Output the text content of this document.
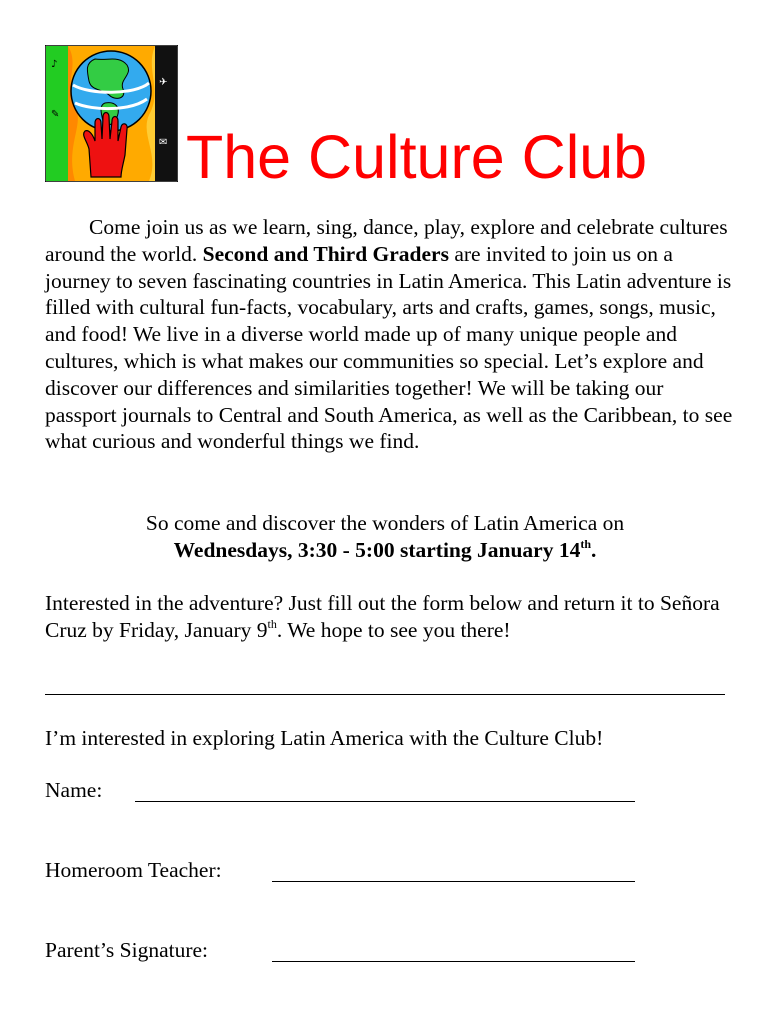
♪
✎
✈
✉ The Culture Club

Come join us as we learn, sing, dance, play, explore and celebrate cultures around the world. Second and Third Graders are invited to join us on a journey to seven fascinating countries in Latin America. This Latin adventure is filled with cultural fun-facts, vocabulary, arts and crafts, games, songs, music, and food! We live in a diverse world made up of many unique people and cultures, which is what makes our communities so special. Let’s explore and discover our differences and similarities together! We will be taking our passport journals to Central and South America, as well as the Caribbean, to see what curious and wonderful things we find.

So come and discover the wonders of Latin America on
Wednesdays, 3:30 - 5:00 starting January 14th.

Interested in the adventure? Just fill out the form below and return it to Señora Cruz by Friday, January 9th. We hope to see you there!

I’m interested in exploring Latin America with the Culture Club!

Name:
Homeroom Teacher:
Parent’s Signature:
